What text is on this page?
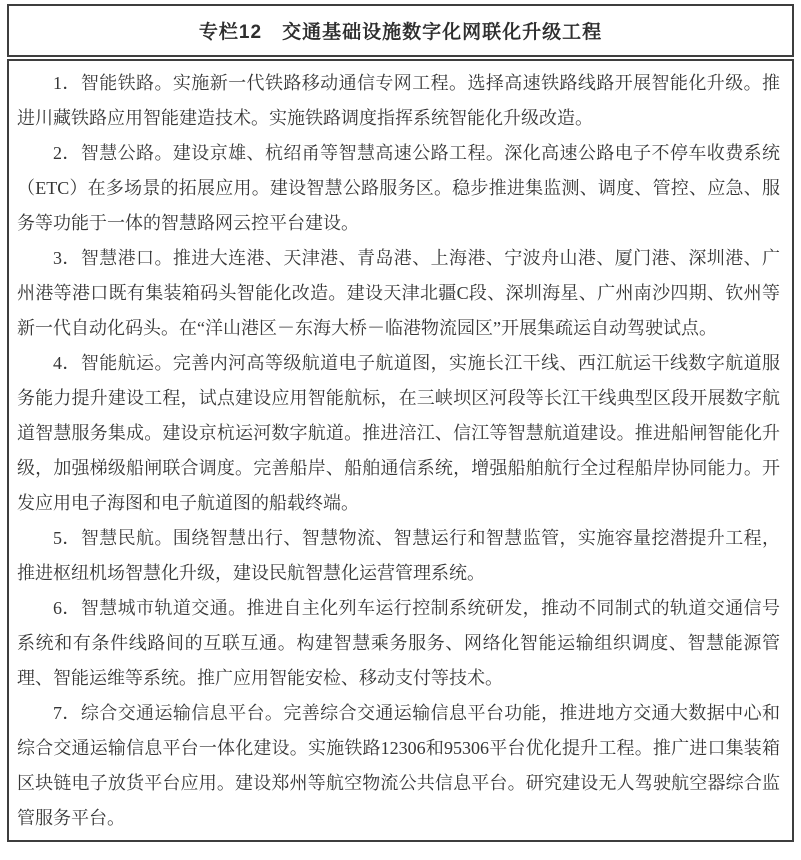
专栏12 交通基础设施数字化网联化升级工程

1．智能铁路。实施新一代铁路移动通信专网工程。选择高速铁路线路开展智能化升级。推进川藏铁路应用智能建造技术。实施铁路调度指挥系统智能化升级改造。

2．智慧公路。建设京雄、杭绍甬等智慧高速公路工程。深化高速公路电子不停车收费系统（ETC）在多场景的拓展应用。建设智慧公路服务区。稳步推进集监测、调度、管控、应急、服务等功能于一体的智慧路网云控平台建设。

3．智慧港口。推进大连港、天津港、青岛港、上海港、宁波舟山港、厦门港、深圳港、广州港等港口既有集装箱码头智能化改造。建设天津北疆C段、深圳海星、广州南沙四期、钦州等新一代自动化码头。在“洋山港区－东海大桥－临港物流园区”开展集疏运自动驾驶试点。

4．智能航运。完善内河高等级航道电子航道图，实施长江干线、西江航运干线数字航道服务能力提升建设工程，试点建设应用智能航标，在三峡坝区河段等长江干线典型区段开展数字航道智慧服务集成。建设京杭运河数字航道。推进涪江、信江等智慧航道建设。推进船闸智能化升级，加强梯级船闸联合调度。完善船岸、船舶通信系统，增强船舶航行全过程船岸协同能力。开发应用电子海图和电子航道图的船载终端。

5．智慧民航。围绕智慧出行、智慧物流、智慧运行和智慧监管，实施容量挖潜提升工程，推进枢纽机场智慧化升级，建设民航智慧化运营管理系统。

6．智慧城市轨道交通。推进自主化列车运行控制系统研发，推动不同制式的轨道交通信号系统和有条件线路间的互联互通。构建智慧乘务服务、网络化智能运输组织调度、智慧能源管理、智能运维等系统。推广应用智能安检、移动支付等技术。

7．综合交通运输信息平台。完善综合交通运输信息平台功能，推进地方交通大数据中心和综合交通运输信息平台一体化建设。实施铁路12306和95306平台优化提升工程。推广进口集装箱区块链电子放货平台应用。建设郑州等航空物流公共信息平台。研究建设无人驾驶航空器综合监管服务平台。
